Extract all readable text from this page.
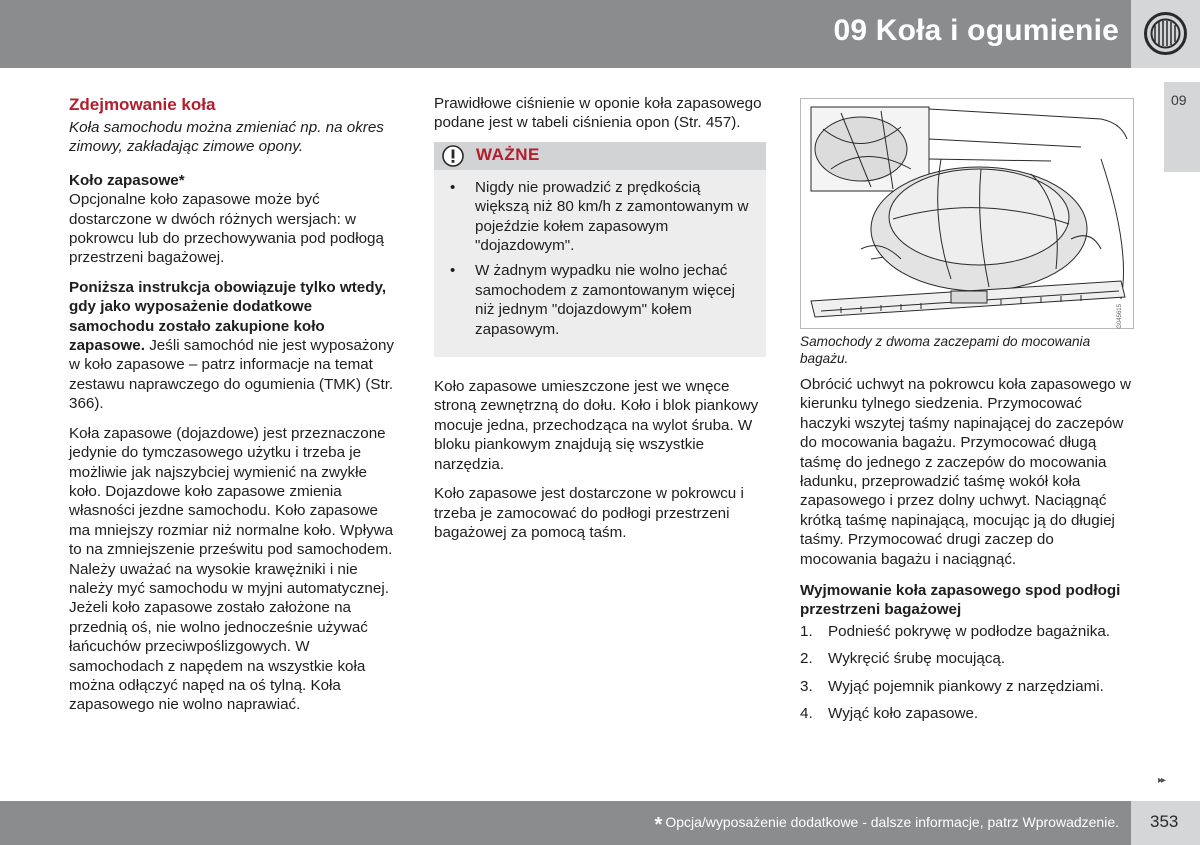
09 Koła i ogumienie
09
Zdejmowanie koła
Koła samochodu można zmieniać np. na okres zimowy, zakładając zimowe opony.
Koło zapasowe*
Opcjonalne koło zapasowe może być dostarczone w dwóch różnych wersjach: w pokrowcu lub do przechowywania pod podłogą przestrzeni bagażowej.
Poniższa instrukcja obowiązuje tylko wtedy, gdy jako wyposażenie dodatkowe samochodu zostało zakupione koło zapasowe. Jeśli samochód nie jest wyposażony w koło zapasowe – patrz informacje na temat zestawu naprawczego do ogumienia (TMK) (Str. 366).
Koła zapasowe (dojazdowe) jest przeznaczone jedynie do tymczasowego użytku i trzeba je możliwie jak najszybciej wymienić na zwykłe koło. Dojazdowe koło zapasowe zmienia własności jezdne samochodu. Koło zapasowe ma mniejszy rozmiar niż normalne koło. Wpływa to na zmniejszenie prześwitu pod samochodem. Należy uważać na wysokie krawężniki i nie należy myć samochodu w myjni automatycznej. Jeżeli koło zapasowe zostało założone na przednią oś, nie wolno jednocześnie używać łańcuchów przeciwpoślizgowych. W samochodach z napędem na wszystkie koła można odłączyć napęd na oś tylną. Koła zapasowego nie wolno naprawiać.
Prawidłowe ciśnienie w oponie koła zapasowego podane jest w tabeli ciśnienia opon (Str. 457).
WAŻNE
• Nigdy nie prowadzić z prędkością większą niż 80 km/h z zamontowanym w pojeździe kołem zapasowym "dojazdowym".
• W żadnym wypadku nie wolno jechać samochodem z zamontowanym więcej niż jednym "dojazdowym" kołem zapasowym.
Koło zapasowe umieszczone jest we wnęce stroną zewnętrzną do dołu. Koło i blok piankowy mocuje jedna, przechodząca na wylot śruba. W bloku piankowym znajdują się wszystkie narzędzia.
Koło zapasowe jest dostarczone w pokrowcu i trzeba je zamocować do podłogi przestrzeni bagażowej za pomocą taśm.
G045615
Samochody z dwoma zaczepami do mocowania bagażu.
Obrócić uchwyt na pokrowcu koła zapasowego w kierunku tylnego siedzenia. Przymocować haczyki wszytej taśmy napinającej do zaczepów do mocowania bagażu. Przymocować długą taśmę do jednego z zaczepów do mocowania ładunku, przeprowadzić taśmę wokół koła zapasowego i przez dolny uchwyt. Naciągnąć krótką taśmę napinającą, mocując ją do długiej taśmy. Przymocować drugi zaczep do mocowania bagażu i naciągnąć.
Wyjmowanie koła zapasowego spod podłogi przestrzeni bagażowej
1. Podnieść pokrywę w podłodze bagażnika.
2. Wykręcić śrubę mocującą.
3. Wyjąć pojemnik piankowy z narzędziami.
4. Wyjąć koło zapasowe.
▸▸
* Opcja/wyposażenie dodatkowe - dalsze informacje, patrz Wprowadzenie. 353
